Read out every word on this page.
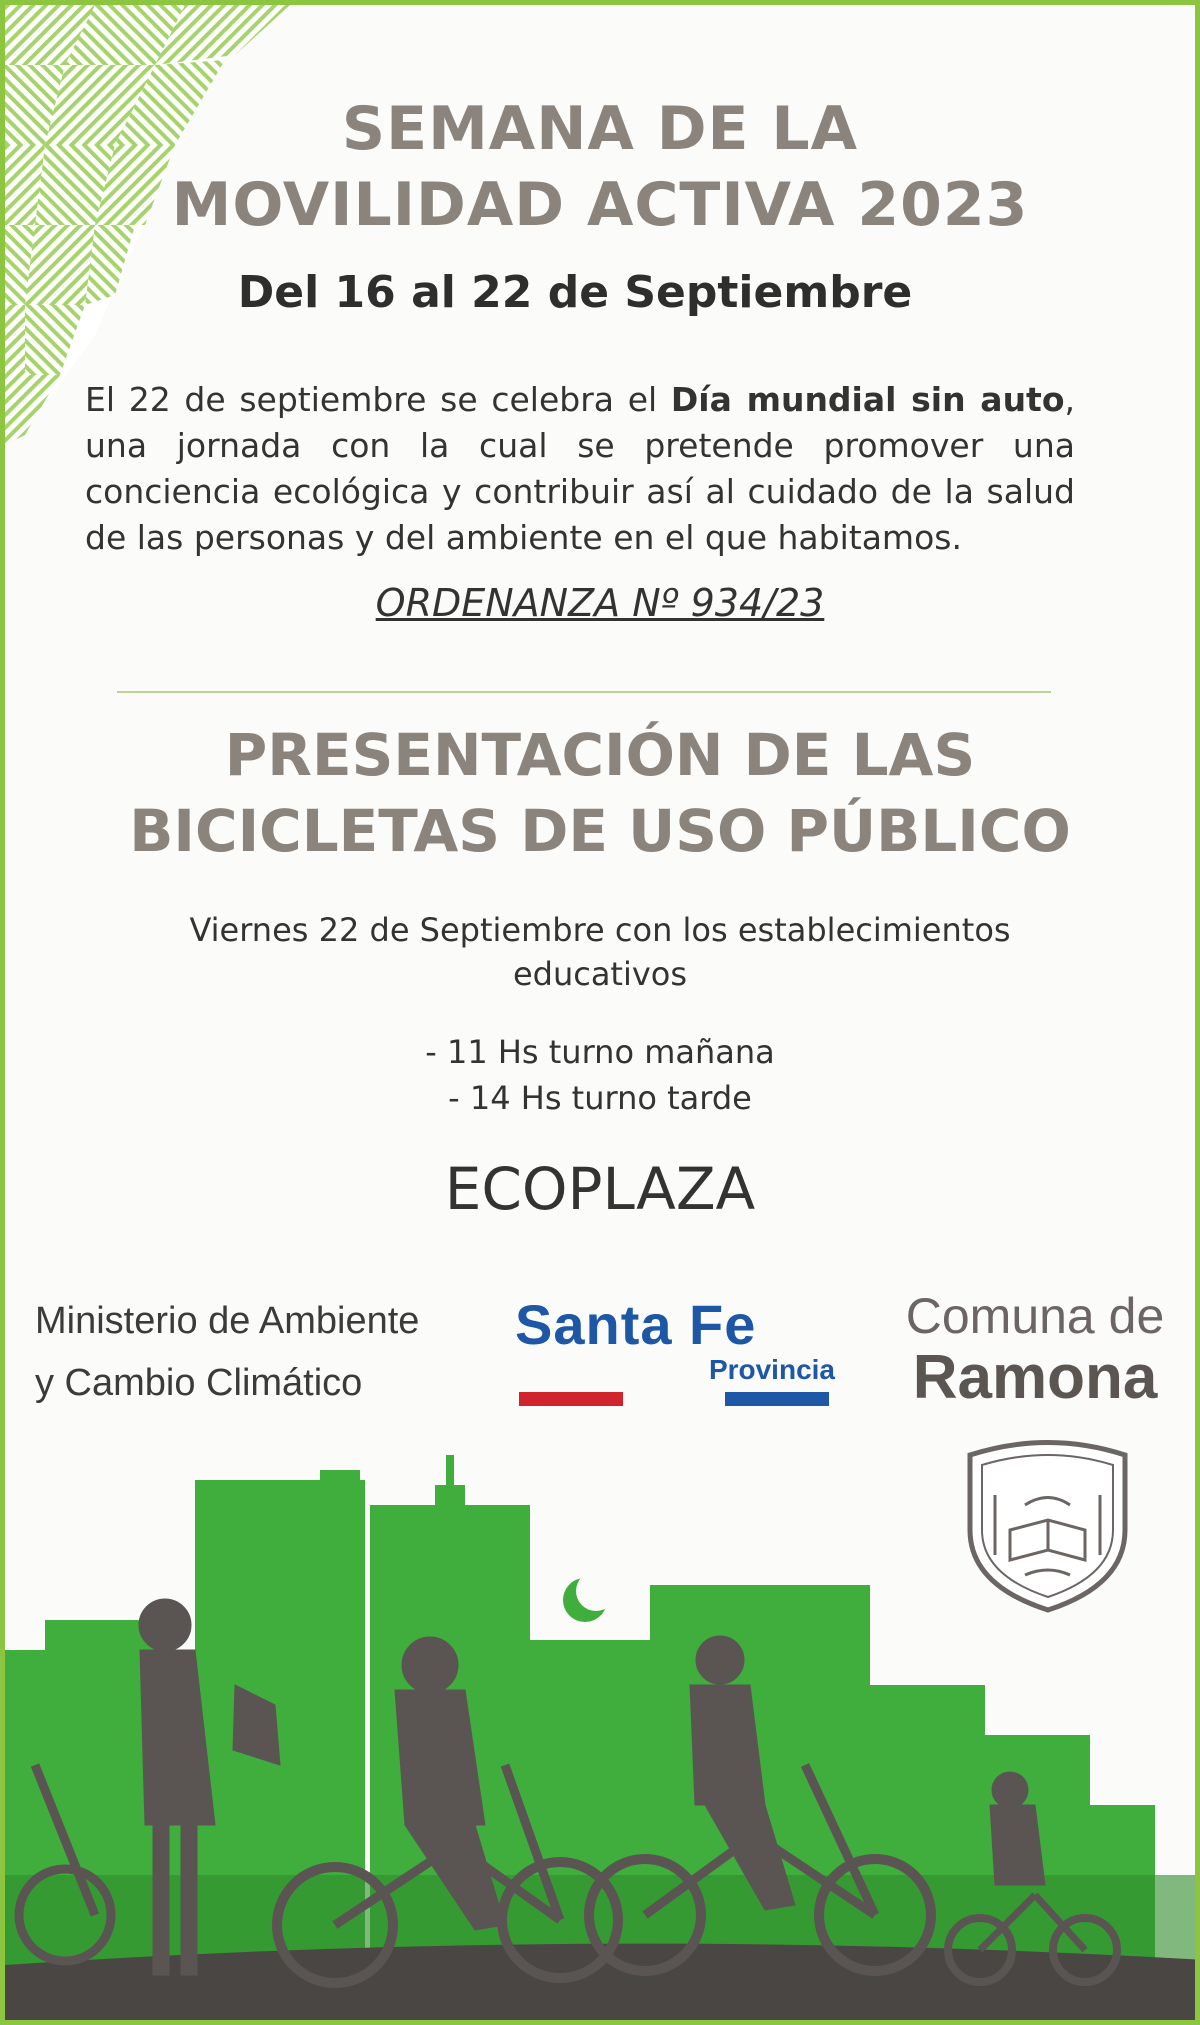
SEMANA DE LA
MOVILIDAD ACTIVA 2023
Del 16 al 22 de Septiembre

El 22 de septiembre se celebra el Día mundial sin auto, una jornada con la cual se pretende promover una conciencia ecológica y contribuir así al cuidado de la salud de las personas y del ambiente en el que habitamos.

ORDENANZA Nº 934/23
PRESENTACIÓN DE LAS
BICICLETAS DE USO PÚBLICO
Viernes 22 de Septiembre con los establecimientos
educativos
- 11 Hs turno mañana
- 14 Hs turno tarde
ECOPLAZA
Ministerio de Ambiente
y Cambio Climático
Santa Fe
Provincia
Comuna de
Ramona
